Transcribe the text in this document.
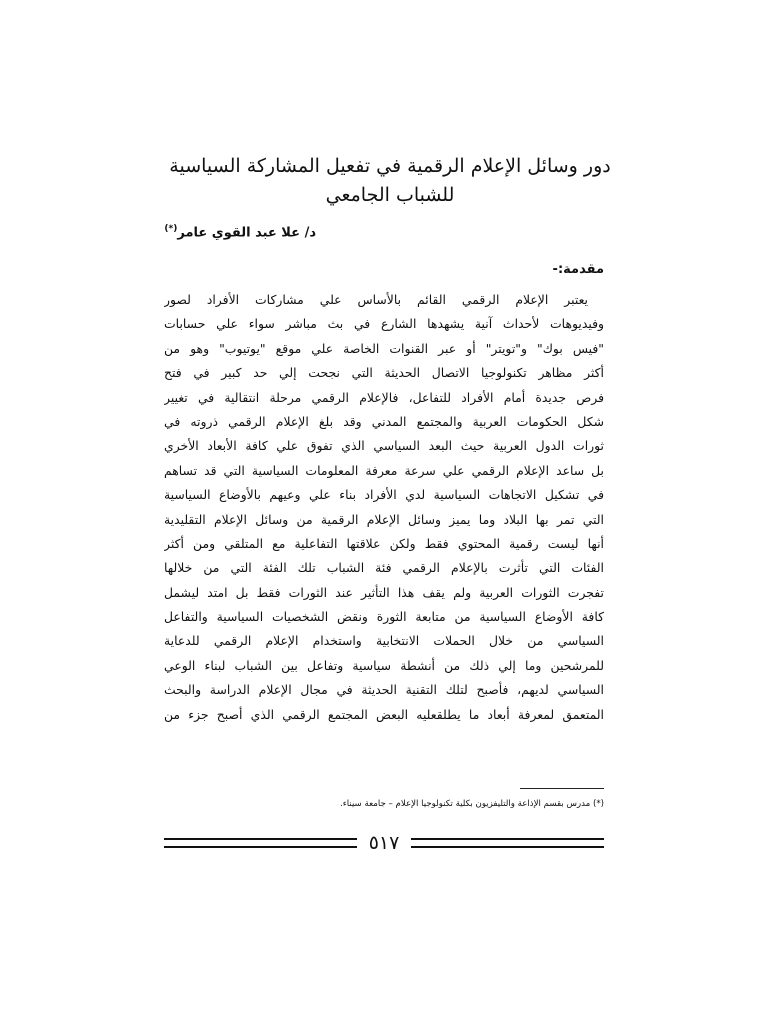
دور وسائل الإعلام الرقمية في تفعيل المشاركة السياسية
للشباب الجامعي
د/ علا عبد القوي عامر(*)
مقدمة:-
يعتبر الإعلام الرقمي القائم بالأساس علي مشاركات الأفراد لصور
وفيديوهات لأحداث آنية يشهدها الشارع في بث مباشر سواء علي حسابات
"فيس بوك" و"تويتر" أو عبر القنوات الخاصة علي موقع "يوتيوب" وهو من
أكثر مظاهر تكنولوجيا الاتصال الحديثة التي نجحت إلي حد كبير في فتح
فرص جديدة أمام الأفراد للتفاعل، فالإعلام الرقمي مرحلة انتقالية في تغيير
شكل الحكومات العربية والمجتمع المدني وقد بلغ الإعلام الرقمي ذروته في
ثورات الدول العربية حيث البعد السياسي الذي تفوق علي كافة الأبعاد الأخري
بل ساعد الإعلام الرقمي علي سرعة معرفة المعلومات السياسية التي قد تساهم
في تشكيل الاتجاهات السياسية لدي الأفراد بناء علي وعيهم بالأوضاع السياسية
التي تمر بها البلاد وما يميز وسائل الإعلام الرقمية من وسائل الإعلام التقليدية
أنها ليست رقمية المحتوي فقط ولكن علاقتها التفاعلية مع المتلقي ومن أكثر
الفئات التي تأثرت بالإعلام الرقمي فئة الشباب تلك الفئة التي من خلالها
تفجرت الثورات العربية ولم يقف هذا التأثير عند الثورات فقط بل امتد ليشمل
كافة الأوضاع السياسية من متابعة الثورة ونقض الشخصيات السياسية والتفاعل
السياسي من خلال الحملات الانتخابية واستخدام الإعلام الرقمي للدعاية
للمرشحين وما إلي ذلك من أنشطة سياسية وتفاعل بين الشباب لبناء الوعي
السياسي لديهم، فأصبح لتلك التقنية الحديثة في مجال الإعلام الدراسة والبحث
المتعمق لمعرفة أبعاد ما يطلقعليه البعض المجتمع الرقمي الذي أصبح جزء من
(*) مدرس بقسم الإذاعة والتليفزيون بكلية تكنولوجيا الإعلام – جامعة سيناء.
٥١٧
